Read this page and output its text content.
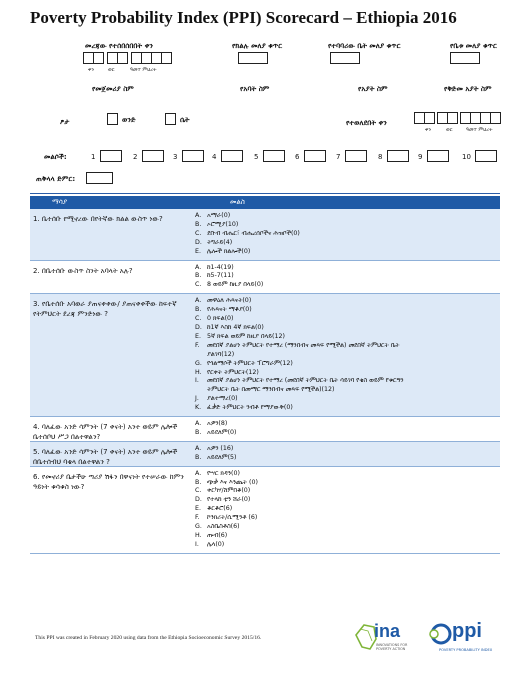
Poverty Probability Index (PPI) Scorecard – Ethiopia 2016
መረጃው የተሰበሰበበት ቀን	የክልሉ መለያ ቁጥር	የተባባሪው ቤት መለያ ቁጥር	የቤቱ መለያ ቁጥር
ቀን	ወር	ዓመተ ምህረት
የመጀመሪያ ስም	የአባት ስም	የአያት ስም	የቅድመ አያት ስም
ፆታ	ወንድ	ሴት	የተወለደበት ቀን
ቀን	ወር	ዓመተ ምህረት
መልሶች:	1	2	3	4	5	6	7	8	9	10
ጠቅላላ ድምር:
ማሳያ	መልስ
1. ቤተሰቡ የሚኖረው በየትኛው ክልል ውስጥ ነው?	A. አማራ(0)
B. ኦሮሚያ(10)
C. ደቡብ ብሔር፣ ብሔረሰቦችና ሕዝቦች(0)
D. ትግራይ(4)
E. ሌሎች ክልሎች(0)
2. በቤተሰቡ ውስጥ ስንት አባላት አሉ?	A. ከ1-4(19)
B. ከ5-7(11)
C. 8 ወይም ከዚያ በላይ(0)
3. የቤተሰቡ አባወራ ያጠናቀቀው/ ያጠናቀቀችው ከፍተኛ የትምህርት ደረጃ ምንድነው ?
A. መዋዕለ ሕጻናት(0)
B. የሕጻናት ማቆያ(0)
C. 0 ክፍል(0)
D. ከ1ኛ እስከ 4ኛ ክፍል(0)
E. 5ኛ ክፍል ወይም ከዚያ በላይ(12)
F. መደበኛ ያልሆነ ትምህርት የተማረ (ማንበብና መጻፍ የሚችል) መደበኛ ትምህርት ቤት
ያልገባ(12)
G. የጎልማሶች ትምህርት ፕሮግራም(12)
H. የርቀት ትምህርት(12)
I. መደበኛ ያልሆነ ትምህርት የተማረ (መደበኛ ትምህርት ቤት ሳይገባ የቄስ ወይም የቁርዓን
ትምህርት ቤት በመማር ማንበብና መጻፍ የሚችል)(12)
J. ያልተማረ(0)
K. ፈቃድ ትምህርት ንብቶ የማያውቅ(0)
4. ባለፈው አንድ ሳምንት (7 ቀናት) አንተ ወይም ሌሎች ቤተሰቦህ ሥጋ በልተዋልን?
A. አዎን(8)
B. አይደለም(0)
5. ባለፈው አንድ ሳምንት (7 ቀናት) አንተ ወይም ሌሎች በቤተሰብህ ባቄላ በልተዋልን ?
A. አዎን (16)
B. አይደለም(5)
6. የመኖሪያ ቤታችሁ ጣሪያ ሽፋን በዋናነት የተሠራው ከምን ዓይነት ቁሳቁስ ነው?
A. የሣር ክዳን(0)
B. ጭቃ እና እንጨት (0)
C. ቀርካሃ/ሸምበቆ(0)
D. የተላከ ቲን ሸራ(0)
E. ቆርቆሮ(6)
F. ኮንክሪት/ሲሚንቶ (6)
G. አስቤስቶስ(6)
H. ጡብ(6)
I. ሌላ(0)
This PPI was created in February 2020 using data from the Ethiopia Socioeconomic Survey 2015/16.	ina
INNOVATIONS FOR POVERTY ACTION
ppi
POVERTY PROBABILITY INDEX
